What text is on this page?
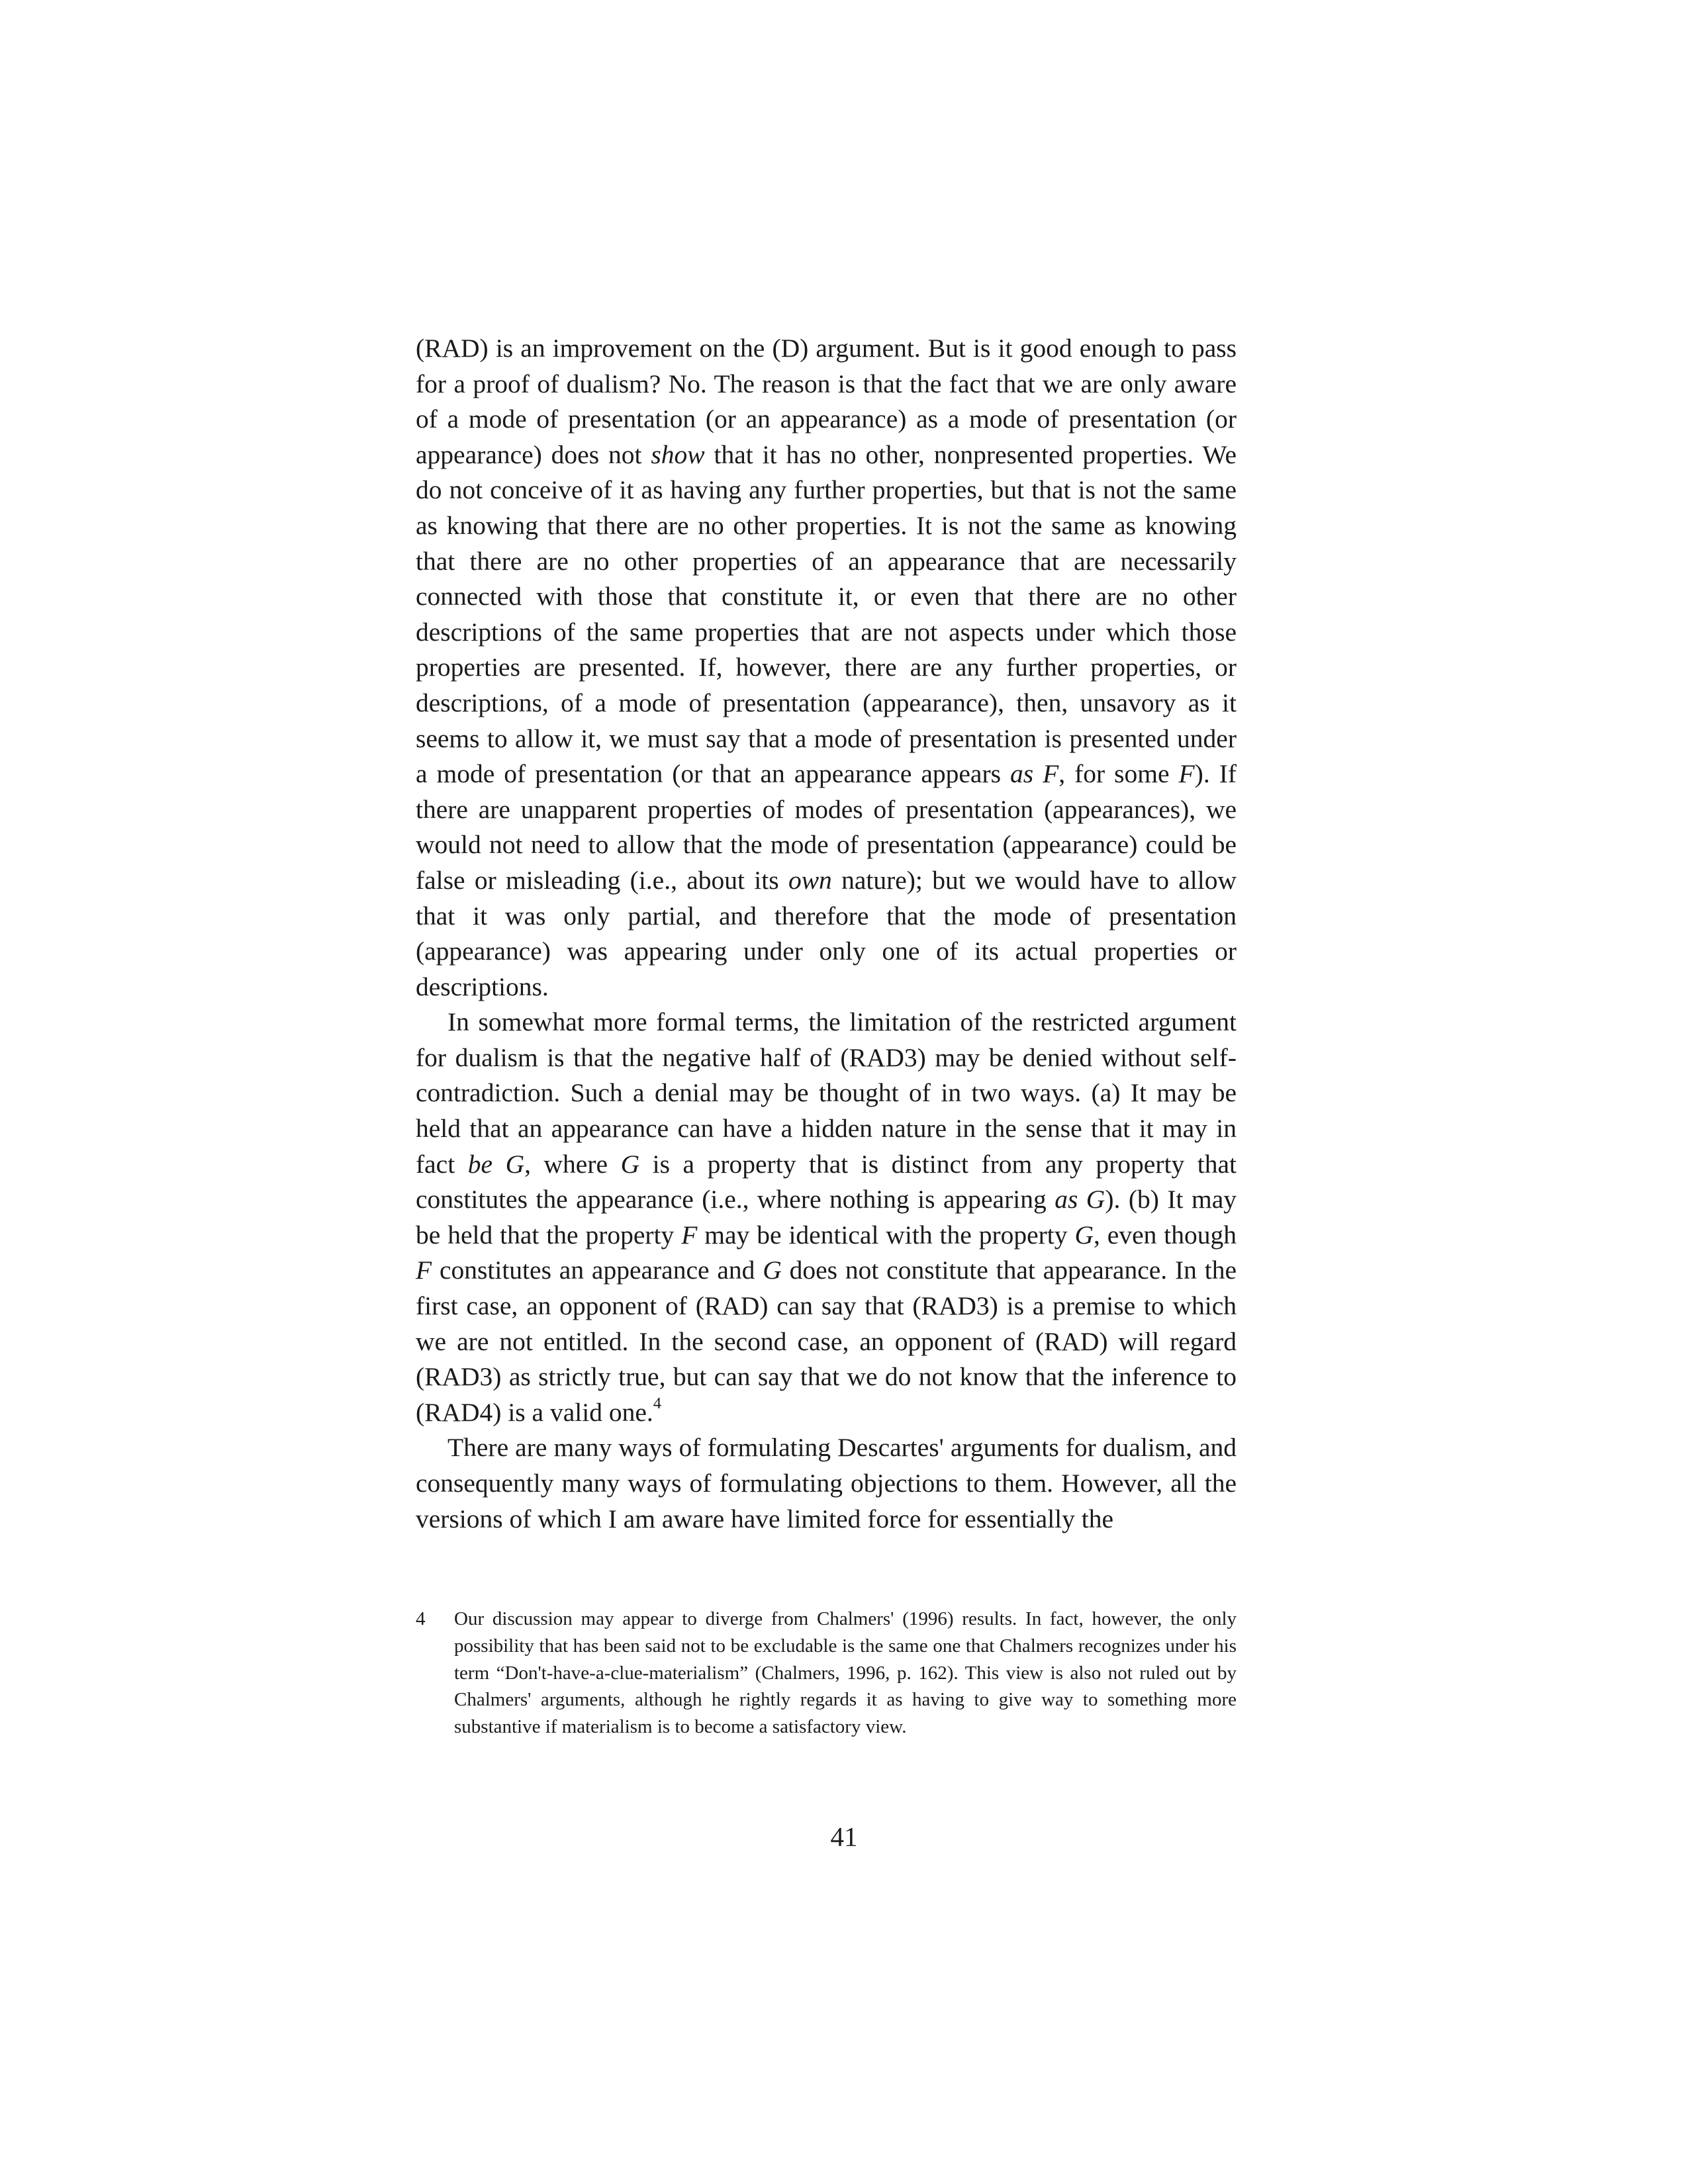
(RAD) is an improvement on the (D) argument. But is it good enough to pass for a proof of dualism? No. The reason is that the fact that we are only aware of a mode of presentation (or an appearance) as a mode of presentation (or appearance) does not show that it has no other, nonpresented properties. We do not conceive of it as having any further properties, but that is not the same as knowing that there are no other properties. It is not the same as knowing that there are no other properties of an appearance that are necessarily connected with those that constitute it, or even that there are no other descriptions of the same properties that are not aspects under which those properties are presented. If, however, there are any further properties, or descriptions, of a mode of presentation (appearance), then, unsavory as it seems to allow it, we must say that a mode of presentation is presented under a mode of presentation (or that an appearance appears as F, for some F). If there are unapparent properties of modes of presentation (appearances), we would not need to allow that the mode of presentation (appearance) could be false or misleading (i.e., about its own nature); but we would have to allow that it was only partial, and therefore that the mode of presentation (appearance) was appearing under only one of its actual properties or descriptions.

In somewhat more formal terms, the limitation of the restricted argument for dualism is that the negative half of (RAD3) may be denied without self-contradiction. Such a denial may be thought of in two ways. (a) It may be held that an appearance can have a hidden nature in the sense that it may in fact be G, where G is a property that is distinct from any property that constitutes the appearance (i.e., where nothing is appearing as G). (b) It may be held that the property F may be identical with the property G, even though F constitutes an appearance and G does not constitute that appearance. In the first case, an opponent of (RAD) can say that (RAD3) is a premise to which we are not entitled. In the second case, an opponent of (RAD) will regard (RAD3) as strictly true, but can say that we do not know that the inference to (RAD4) is a valid one.$^4$

There are many ways of formulating Descartes' arguments for dualism, and consequently many ways of formulating objections to them. However, all the versions of which I am aware have limited force for essentially the

4 Our discussion may appear to diverge from Chalmers' (1996) results. In fact, however, the only possibility that has been said not to be excludable is the same one that Chalmers recognizes under his term “Don't-have-a-clue-materialism” (Chalmers, 1996, p. 162). This view is also not ruled out by Chalmers' arguments, although he rightly regards it as having to give way to something more substantive if materialism is to become a satisfactory view.

41
